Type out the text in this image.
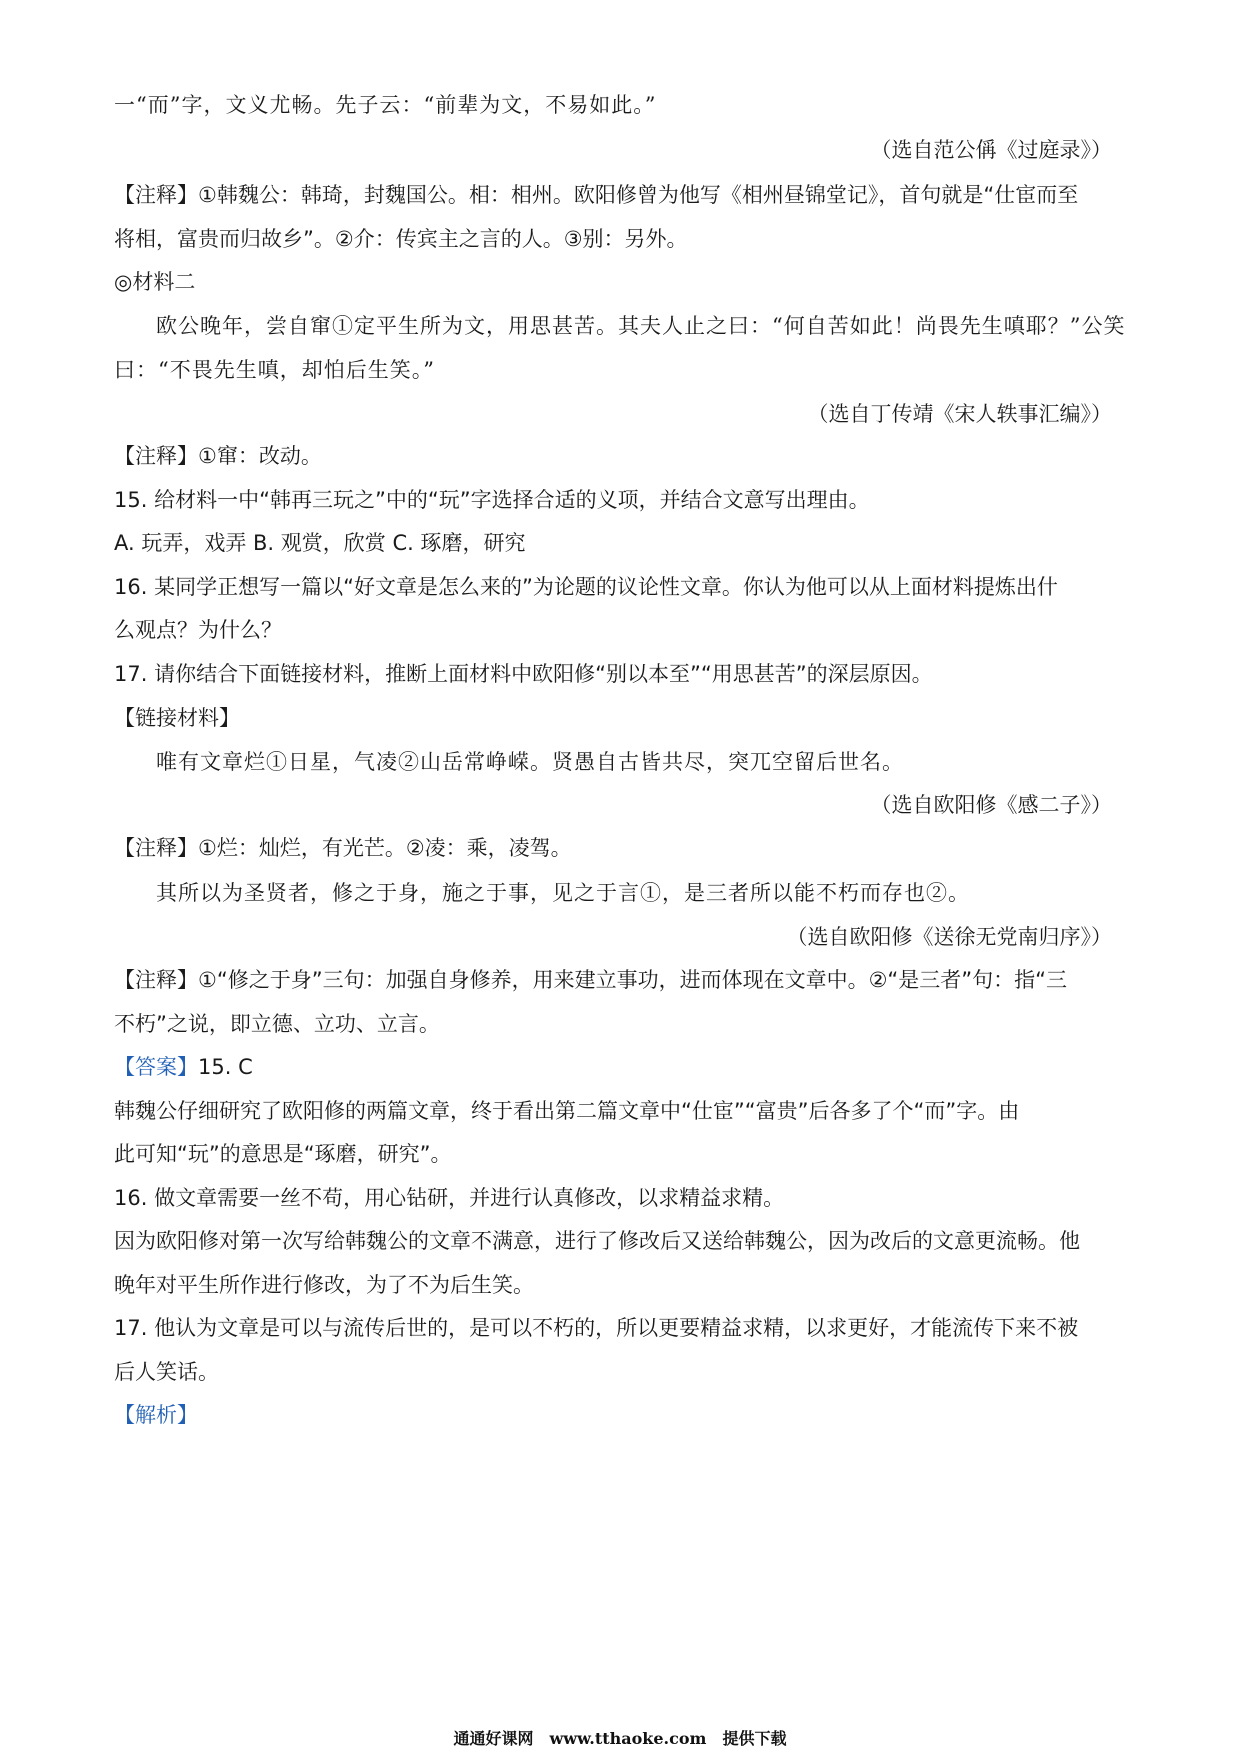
一“而”字，文义尤畅。先子云：“前辈为文，不易如此。”
（选自范公偁《过庭录》）
【注释】①韩魏公：韩琦，封魏国公。相：相州。欧阳修曾为他写《相州昼锦堂记》，首句就是“仕宦而至
将相，富贵而归故乡”。②介：传宾主之言的人。③别：另外。
◎材料二
欧公晚年，尝自窜①定平生所为文，用思甚苦。其夫人止之曰：“何自苦如此！尚畏先生嗔耶？”公笑
曰：“不畏先生嗔，却怕后生笑。”
（选自丁传靖《宋人轶事汇编》）
【注释】①窜：改动。
15. 给材料一中“韩再三玩之”中的“玩”字选择合适的义项，并结合文意写出理由。
A. 玩弄，戏弄 B. 观赏，欣赏 C. 琢磨，研究
16. 某同学正想写一篇以“好文章是怎么来的”为论题的议论性文章。你认为他可以从上面材料提炼出什
么观点？为什么？
17. 请你结合下面链接材料，推断上面材料中欧阳修“别以本至”“用思甚苦”的深层原因。
【链接材料】
唯有文章烂①日星，气凌②山岳常峥嵘。贤愚自古皆共尽，突兀空留后世名。
（选自欧阳修《感二子》）
【注释】①烂：灿烂，有光芒。②凌：乘，凌驾。
其所以为圣贤者，修之于身，施之于事，见之于言①，是三者所以能不朽而存也②。
（选自欧阳修《送徐无党南归序》）
【注释】①“修之于身”三句：加强自身修养，用来建立事功，进而体现在文章中。②“是三者”句：指“三
不朽”之说，即立德、立功、立言。
【答案】15. C
韩魏公仔细研究了欧阳修的两篇文章，终于看出第二篇文章中“仕宦”“富贵”后各多了个“而”字。由
此可知“玩”的意思是“琢磨，研究”。
16. 做文章需要一丝不苟，用心钻研，并进行认真修改，以求精益求精。
因为欧阳修对第一次写给韩魏公的文章不满意，进行了修改后又送给韩魏公，因为改后的文意更流畅。他
晚年对平生所作进行修改，为了不为后生笑。
17. 他认为文章是可以与流传后世的，是可以不朽的，所以更要精益求精，以求更好，才能流传下来不被
后人笑话。
【解析】
通通好课网　www.tthaoke.com　提供下载
